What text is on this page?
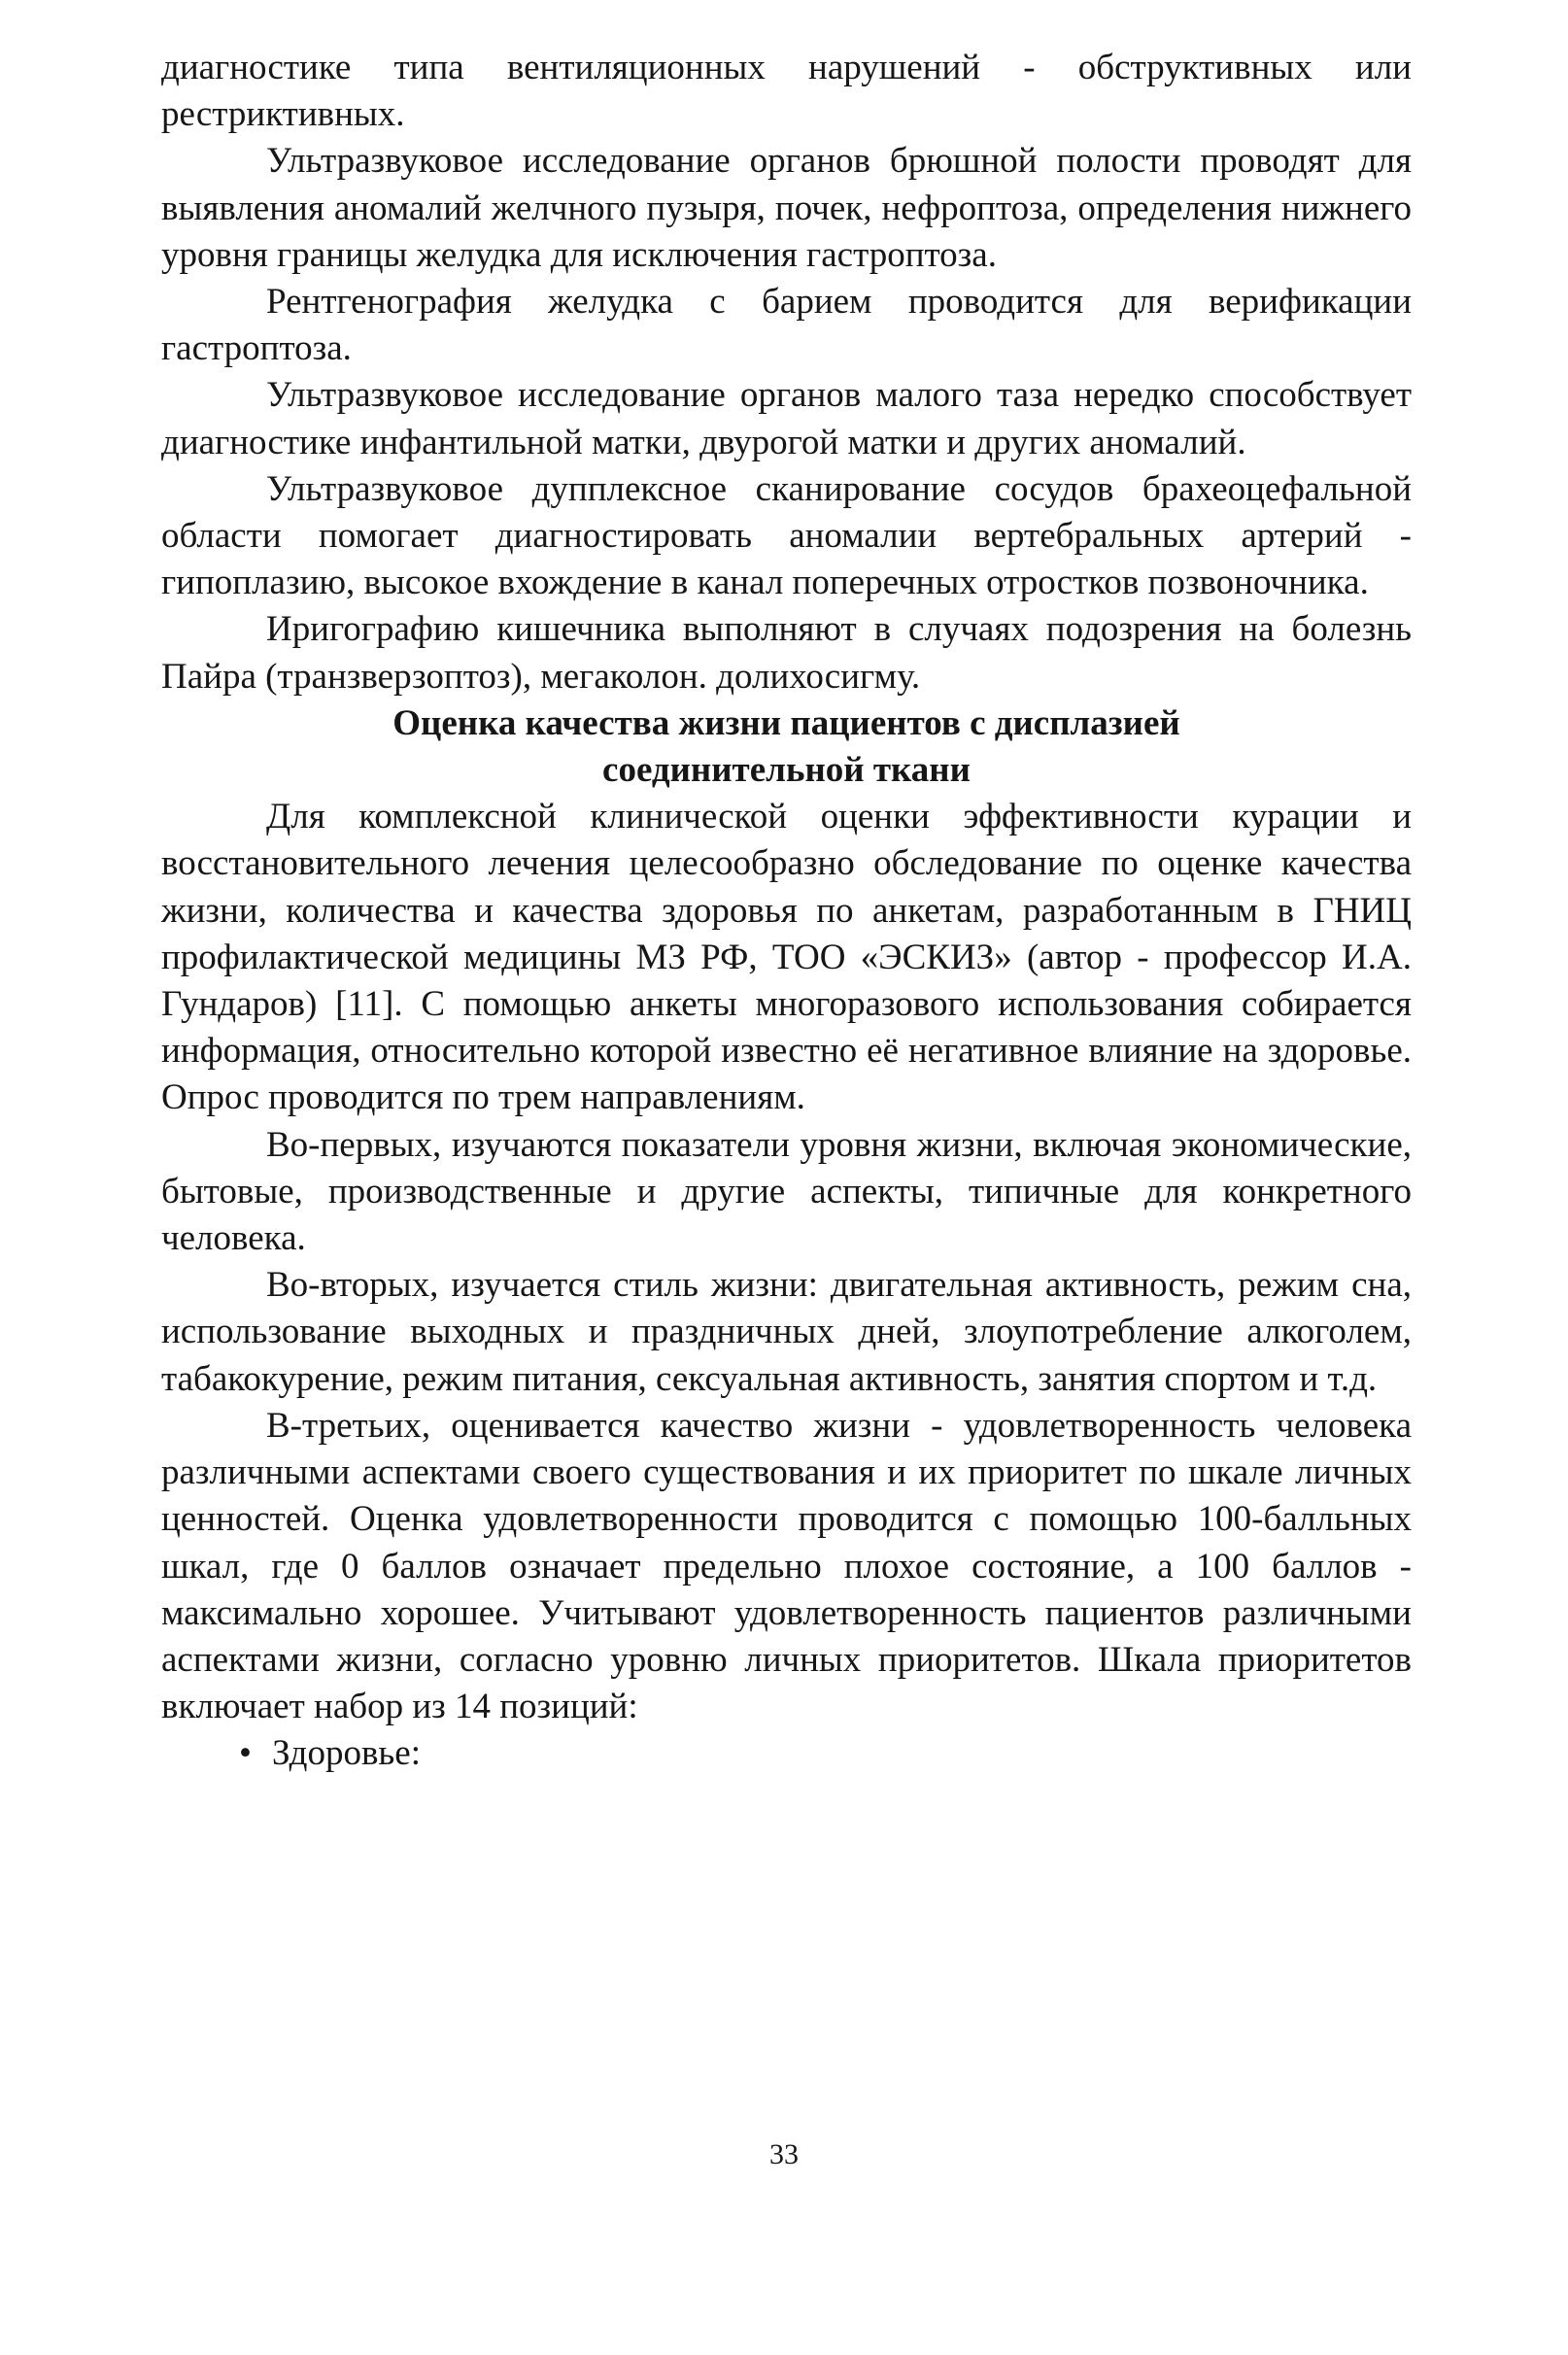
диагностике типа вентиляционных нарушений - обструктивных или рестриктивных.

Ультразвуковое исследование органов брюшной полости проводят для выявления аномалий желчного пузыря, почек, нефроптоза, определения нижнего уровня границы желудка для исключения гастроптоза.

Рентгенография желудка с барием проводится для верификации гастроптоза.

Ультразвуковое исследование органов малого таза нередко способствует диагностике инфантильной матки, двурогой матки и других аномалий.

Ультразвуковое дупплексное сканирование сосудов брахеоцефальной области помогает диагностировать аномалии вертебральных артерий - гипоплазию, высокое вхождение в канал поперечных отростков позвоночника.

Иригографию кишечника выполняют в случаях подозрения на болезнь Пайра (транзверзоптоз), мегаколон. долихосигму.

Оценка качества жизни пациентов с дисплазией
соединительной ткани

Для комплексной клинической оценки эффективности курации и восстановительного лечения целесообразно обследование по оценке качества жизни, количества и качества здоровья по анкетам, разработанным в ГНИЦ профилактической медицины МЗ РФ, ТОО «ЭСКИЗ» (автор - профессор И.А. Гундаров) [11]. С помощью анкеты многоразового использования собирается информация, относительно которой известно её негативное влияние на здоровье. Опрос проводится по трем направлениям.

Во-первых, изучаются показатели уровня жизни, включая экономические, бытовые, производственные и другие аспекты, типичные для конкретного человека.

Во-вторых, изучается стиль жизни: двигательная активность, режим сна, использование выходных и праздничных дней, злоупотребление алкоголем, табакокурение, режим питания, сексуальная активность, занятия спортом и т.д.

В-третьих, оценивается качество жизни - удовлетворенность человека различными аспектами своего существования и их приоритет по шкале личных ценностей. Оценка удовлетворенности проводится с помощью 100-балльных шкал, где 0 баллов означает предельно плохое состояние, а 100 баллов - максимально хорошее. Учитывают удовлетворенность пациентов различными аспектами жизни, согласно уровню личных приоритетов. Шкала приоритетов включает набор из 14 позиций:

• Здоровье:
33
